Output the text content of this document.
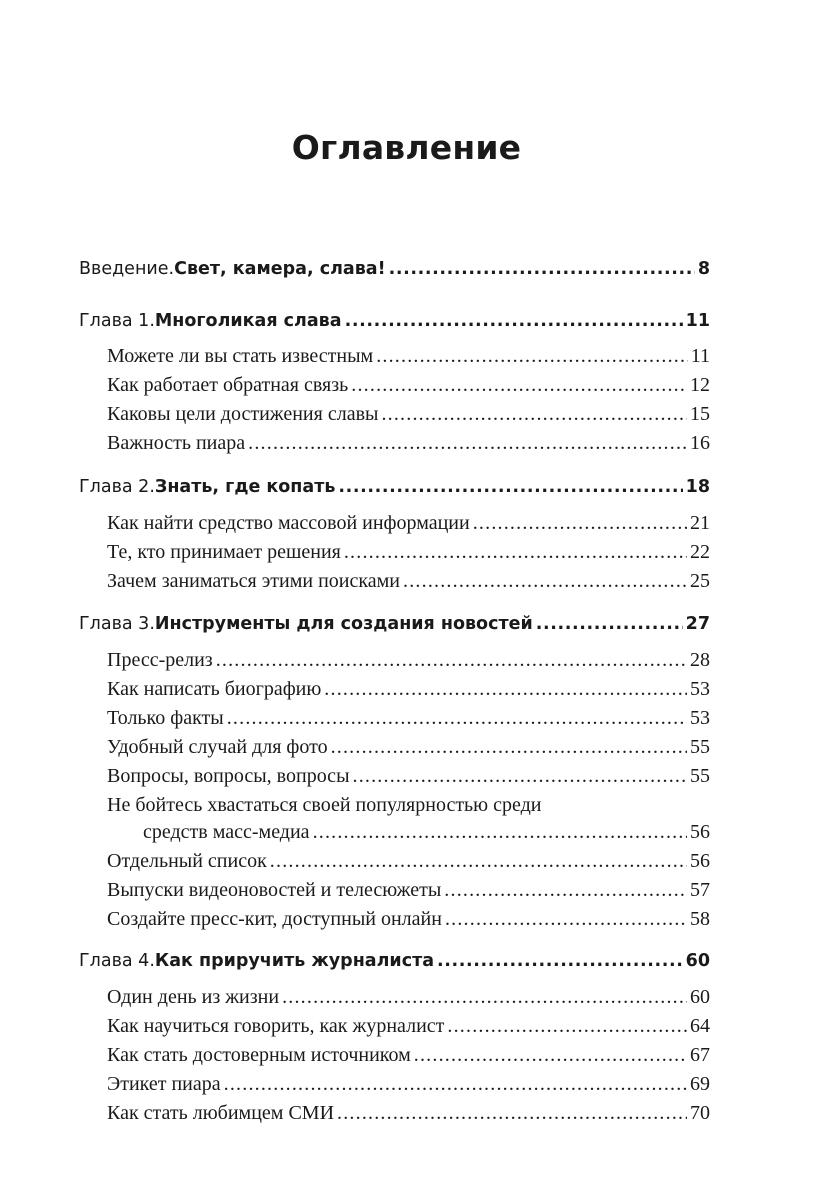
Оглавление
Введение. Свет, камера, слава! .....	8
Глава 1. Многоликая слава .....	11
Можете ли вы стать известным .....	11
Как работает обратная связь .....	12
Каковы цели достижения славы .....	15
Важность пиара .....	16
Глава 2. Знать, где копать .....	18
Как найти средство массовой информации .....	21
Те, кто принимает решения .....	22
Зачем заниматься этими поисками .....	25
Глава 3. Инструменты для создания новостей .....	27
Пресс-релиз .....	28
Как написать биографию .....	53
Только факты .....	53
Удобный случай для фото .....	55
Вопросы, вопросы, вопросы .....	55
Не бойтесь хвастаться своей популярностью среди
средств масс-медиа .....	56
Отдельный список .....	56
Выпуски видеоновостей и телесюжеты .....	57
Создайте пресс-кит, доступный онлайн .....	58
Глава 4. Как приручить журналиста .....	60
Один день из жизни .....	60
Как научиться говорить, как журналист .....	64
Как стать достоверным источником .....	67
Этикет пиара .....	69
Как стать любимцем СМИ .....	70
